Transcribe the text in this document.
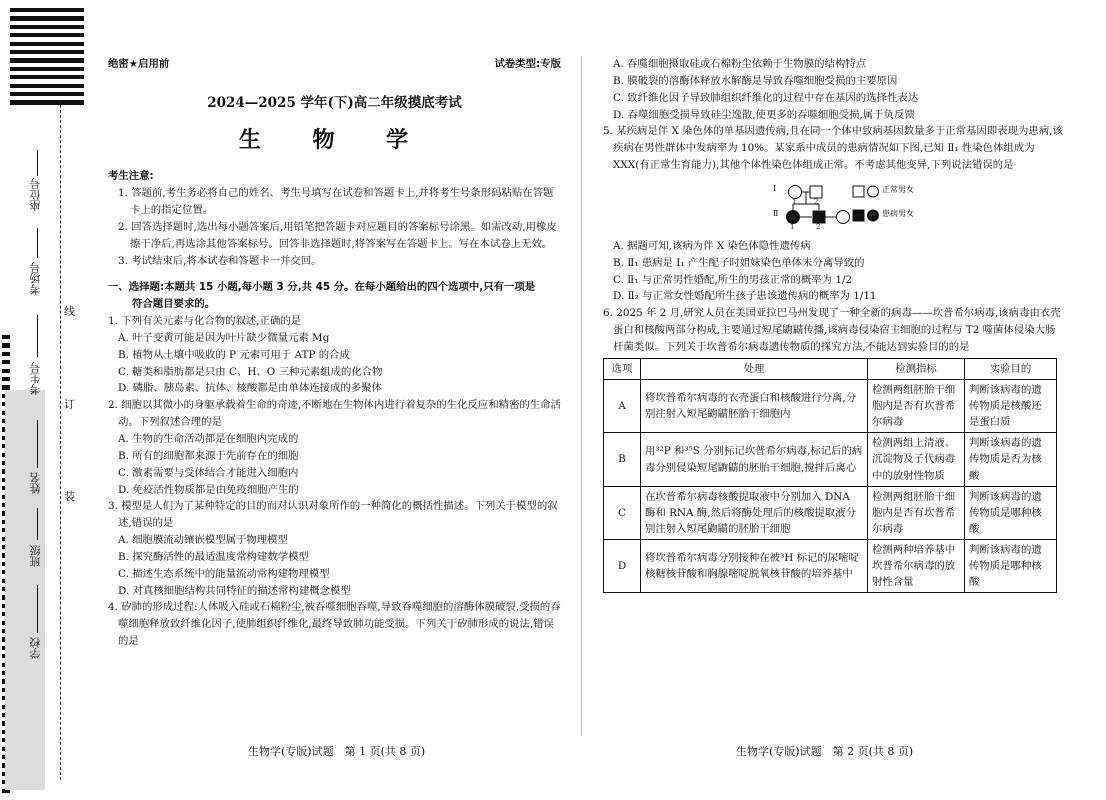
座位号
考场号
考生号
姓名
班级
学校
线
订
装
绝密★启用前	试卷类型:专版
2024—2025 学年(下)高二年级摸底考试
生 物 学
考生注意:
1. 答题前,考生务必将自己的姓名、考生号填写在试卷和答题卡上,并将考生号条形码粘贴在答题卡上的指定位置。
2. 回答选择题时,选出每小题答案后,用铅笔把答题卡对应题目的答案标号涂黑。如需改动,用橡皮擦干净后,再选涂其他答案标号。回答非选择题时,将答案写在答题卡上。写在本试卷上无效。
3. 考试结束后,将本试卷和答题卡一并交回。
一、选择题:本题共 15 小题,每小题 3 分,共 45 分。在每小题给出的四个选项中,只有一项是
符合题目要求的。
1. 下列有关元素与化合物的叙述,正确的是
A. 叶子变黄可能是因为叶片缺少微量元素 Mg
B. 植物从土壤中吸收的 P 元素可用于 ATP 的合成
C. 糖类和脂肪都是只由 C、H、O 三种元素组成的化合物
D. 磷脂、胰岛素、抗体、核酸都是由单体连接成的多聚体
2. 细胞以其微小的身躯承载着生命的奇迹,不断地在生物体内进行着复杂的生化反应和精密的生命活动。下列叙述合理的是
A. 生物的生命活动都是在细胞内完成的
B. 所有的细胞都来源于先前存在的细胞
C. 激素需要与受体结合才能进入细胞内
D. 免疫活性物质都是由免疫细胞产生的
3. 模型是人们为了某种特定的目的而对认识对象所作的一种简化的概括性描述。下列关于模型的叙述,错误的是
A. 细胞膜流动镶嵌模型属于物理模型
B. 探究酶活性的最适温度常构建数学模型
C. 描述生态系统中的能量流动常构建物理模型
D. 对真核细胞结构共同特征的描述常构建概念模型
4. 矽肺的形成过程:人体吸入硅或石棉粉尘,被吞噬细胞吞噬,导致吞噬细胞的溶酶体膜破裂,受损的吞噬细胞释放致纤维化因子,使肺组织纤维化,最终导致肺功能受损。下列关于矽肺形成的说法,错误的是
生物学(专版)试题　第 1 页(共 8 页)
A. 吞噬细胞摄取硅或石棉粉尘依赖于生物膜的结构特点
B. 膜破裂的溶酶体释放水解酶是导致吞噬细胞受损的主要原因
C. 致纤维化因子导致肺组织纤维化的过程中存在基因的选择性表达
D. 吞噬细胞受损导致硅尘逸散,使更多的吞噬细胞受损,属于负反馈
5. 某疾病是伴 X 染色体的单基因遗传病,且在同一个体中致病基因数量多于正常基因即表现为患病,该疾病在男性群体中发病率为 10%。某家系中成员的患病情况如下图,已知 Ⅱ₁ 性染色体组成为 XXX(有正常生育能力),其他个体性染色体组成正常。不考虑其他变异,下列说法错误的是
Ⅰ
Ⅱ
1	2
1	2
正常男女
患病男女
A. 据题可知,该病为伴 X 染色体隐性遗传病
B. Ⅱ₁ 患病是 Ⅰ₁ 产生配子时姐妹染色单体未分离导致的
C. Ⅱ₁ 与正常男性婚配,所生的男孩正常的概率为 1/2
D. Ⅱ₂ 与正常女性婚配所生孩子患该遗传病的概率为 1/11
6. 2025 年 2 月,研究人员在美国亚拉巴马州发现了一种全新的病毒——坎普希尔病毒,该病毒由衣壳蛋白和核酸两部分构成,主要通过短尾鼩鼱传播,该病毒侵染宿主细胞的过程与 T2 噬菌体侵染大肠杆菌类似。下列关于坎普希尔病毒遗传物质的探究方法,不能达到实验目的的是
选项	处理	检测指标	实验目的
A	将坎普希尔病毒的衣壳蛋白和核酸进行分离,分别注射入短尾鼩鼱胚胎干细胞内	检测两组胚胎干细胞内是否有坎普希尔病毒	判断该病毒的遗传物质是核酸还是蛋白质
B	用³²P 和³⁵S 分别标记坎普希尔病毒,标记后的病毒分别侵染短尾鼩鼱的胚胎干细胞,搅拌后离心	检测两组上清液、沉淀物及子代病毒中的放射性物质	判断该病毒的遗传物质是否为核酸
C	在坎普希尔病毒核酸提取液中分别加入 DNA 酶和 RNA 酶,然后将酶处理后的核酸提取液分别注射入短尾鼩鼱的胚胎干细胞	检测两组胚胎干细胞内是否有坎普希尔病毒	判断该病毒的遗传物质是哪种核酸
D	将坎普希尔病毒分别接种在被³H 标记的尿嘧啶核糖核苷酸和胸腺嘧啶脱氧核苷酸的培养基中	检测两种培养基中坎普希尔病毒的放射性含量	判断该病毒的遗传物质是哪种核酸
生物学(专版)试题　第 2 页(共 8 页)
